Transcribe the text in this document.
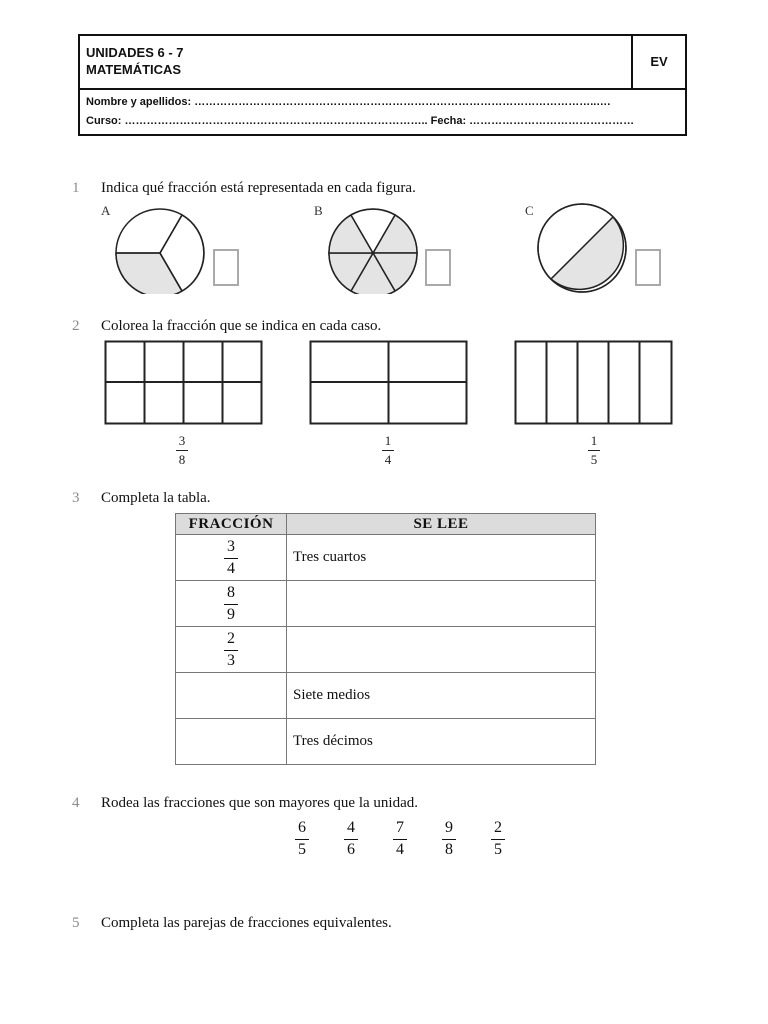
UNIDADES 6 - 7
MATEMÁTICAS
EV
Nombre y apellidos: ………………………………………………………………………………………………..….
Curso: ……………………………………………………………………….. Fecha: ………………………………………
1 Indica qué fracción está representada en cada figura.
A	B	C
2 Colorea la fracción que se indica en cada caso.
3
8
1
4
1
5
3 Completa la tabla.
FRACCIÓN	SE LEE

$\frac{3}{4}$	Tres cuartos

$\frac{8}{9}$

$\frac{2}{3}$

	Siete medios
	Tres décimos
4 Rodea las fracciones que son mayores que la unidad.
$\frac{6}{5} \frac{4}{6} \frac{7}{4} \frac{9}{8} \frac{2}{5}$
5 Completa las parejas de fracciones equivalentes.
